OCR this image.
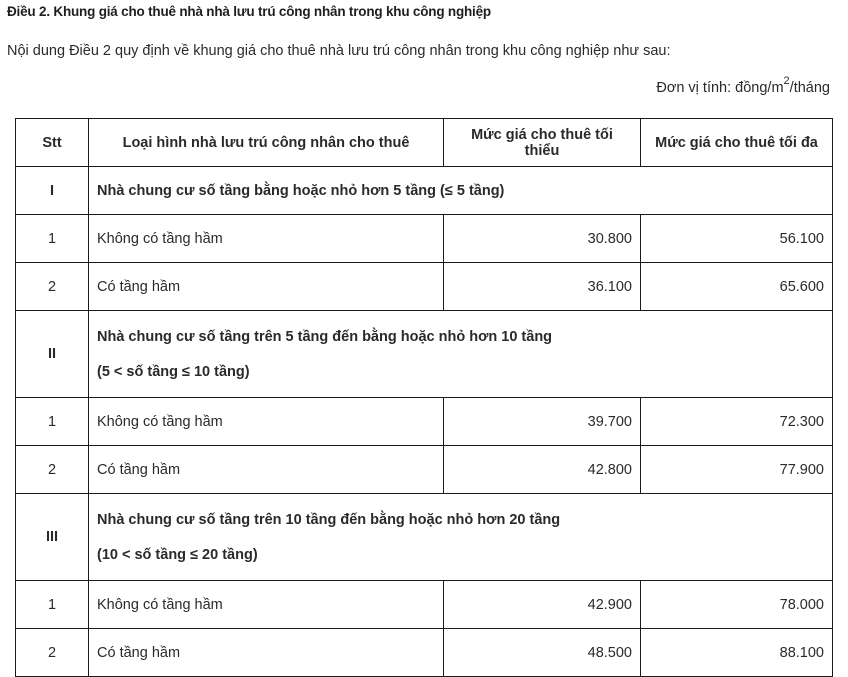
Điều 2. Khung giá cho thuê nhà nhà lưu trú công nhân trong khu công nghiệp
Nội dung Điều 2 quy định về khung giá cho thuê nhà lưu trú công nhân trong khu công nghiệp như sau:
Đơn vị tính: đồng/$m^2$/tháng
Stt	Loại hình nhà lưu trú công nhân cho thuê	Mức giá cho thuê tối thiểu	Mức giá cho thuê tối đa
I	Nhà chung cư số tầng bằng hoặc nhỏ hơn 5 tầng (≤ 5 tầng)		

1	Không có tầng hầm	30.800	56.100
2	Có tầng hầm	36.100	65.600
II	Nhà chung cư số tầng trên 5 tầng đến bằng hoặc nhỏ hơn 10 tầng
(5 < số tầng ≤ 10 tầng)		

1	Không có tầng hầm	39.700	72.300
2	Có tầng hầm	42.800	77.900
III	Nhà chung cư số tầng trên 10 tầng đến bằng hoặc nhỏ hơn 20 tầng
(10 < số tầng ≤ 20 tầng)		

1	Không có tầng hầm	42.900	78.000
2	Có tầng hầm	48.500	88.100
